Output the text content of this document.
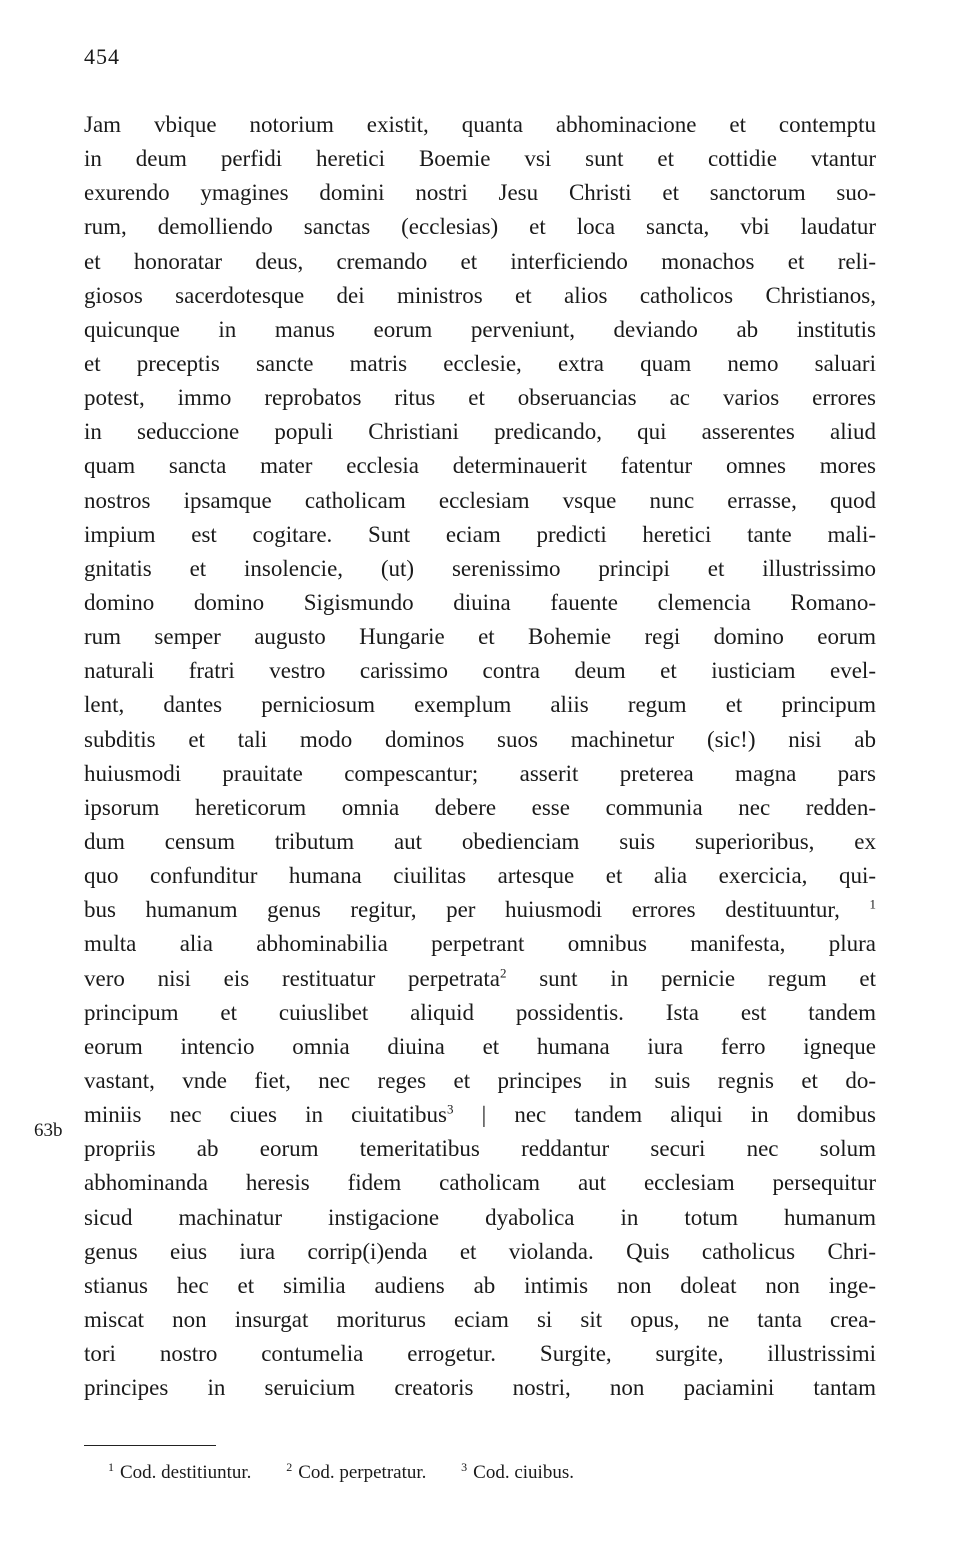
454
Jam vbique notorium existit, quanta abhominacione et contemptu
in deum perfidi heretici Boemie vsi sunt et cottidie vtantur
exurendo ymagines domini nostri Jesu Christi et sanctorum suo-
rum, demolliendo sanctas (ecclesias) et loca sancta, vbi laudatur
et honoratar deus, cremando et interficiendo monachos et reli-
giosos sacerdotesque dei ministros et alios catholicos Christianos,
quicunque in manus eorum perveniunt, deviando ab institutis
et preceptis sancte matris ecclesie, extra quam nemo saluari
potest, immo reprobatos ritus et obseruancias ac varios errores
in seduccione populi Christiani predicando, qui asserentes aliud
quam sancta mater ecclesia determinauerit fatentur omnes mores
nostros ipsamque catholicam ecclesiam vsque nunc errasse, quod
impium est cogitare. Sunt eciam predicti heretici tante mali-
gnitatis et insolencie, (ut) serenissimo principi et illustrissimo
domino domino Sigismundo diuina fauente clemencia Romano-
rum semper augusto Hungarie et Bohemie regi domino eorum
naturali fratri vestro carissimo contra deum et iusticiam evel-
lent, dantes perniciosum exemplum aliis regum et principum
subditis et tali modo dominos suos machinetur (sic!) nisi ab
huiusmodi prauitate compescantur; asserit preterea magna pars
ipsorum hereticorum omnia debere esse communia nec redden-
dum censum tributum aut obedienciam suis superioribus, ex
quo confunditur humana ciuilitas artesque et alia exercicia, qui-
bus humanum genus regitur, per huiusmodi errores destituuntur, $^1$
multa alia abhominabilia perpetrant omnibus manifesta, plura
vero nisi eis restituatur perpetrata$^2$ sunt in pernicie regum et
principum et cuiuslibet aliquid possidentis. Ista est tandem
eorum intencio omnia diuina et humana iura ferro igneque
vastant, vnde fiet, nec reges et principes in suis regnis et do-
miniis nec ciues in ciuitatibus$^3$ | nec tandem aliqui in domibus
propriis ab eorum temeritatibus reddantur securi nec solum
abhominanda heresis fidem catholicam aut ecclesiam persequitur
sicud machinatur instigacione dyabolica in totum humanum
genus eius iura corrip(i)enda et violanda. Quis catholicus Chri-
stianus hec et similia audiens ab intimis non doleat non inge-
miscat non insurgat moriturus eciam si sit opus, ne tanta crea-
tori nostro contumelia errogetur. Surgite, surgite, illustrissimi
principes in seruicium creatoris nostri, non paciamini tantam
63b
$^1$ Cod. destitiuntur.	$^2$ Cod. perpetratur.	$^3$ Cod. ciuibus.
